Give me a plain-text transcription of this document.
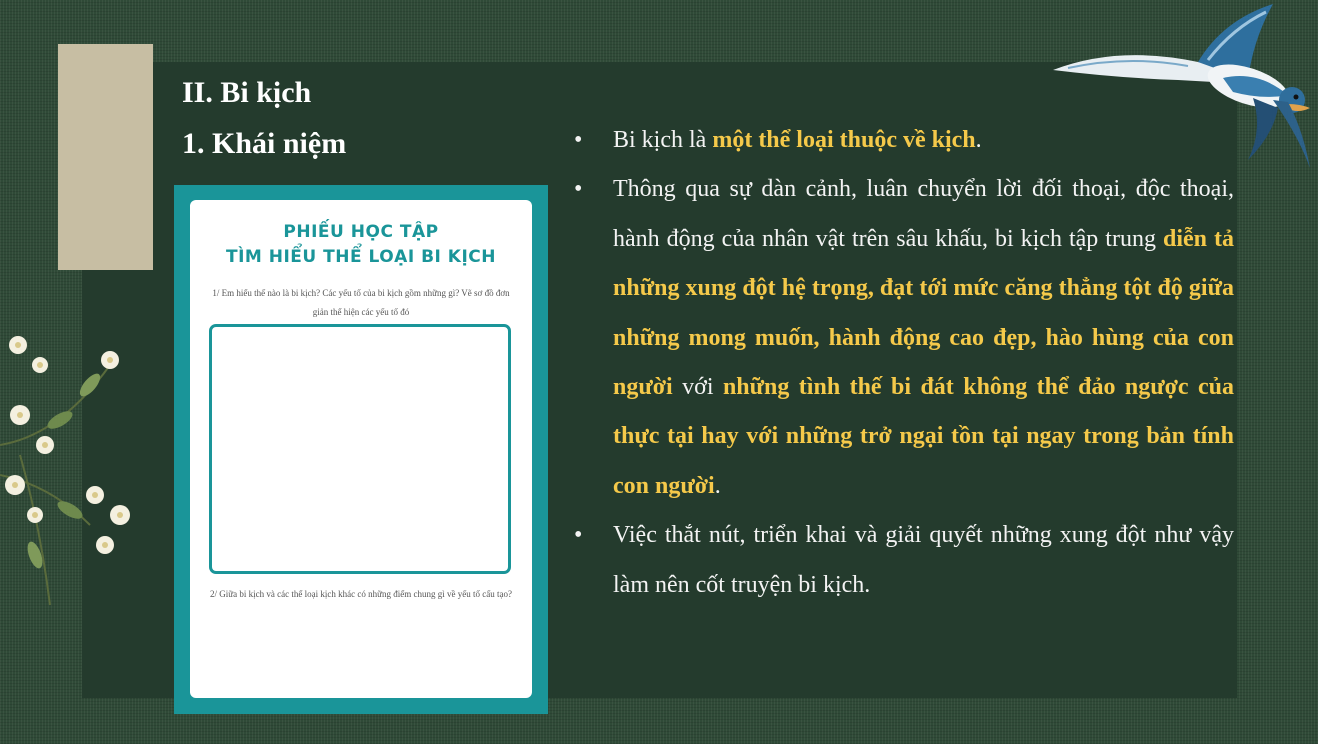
II. Bi kịch
1. Khái niệm

PHIẾU HỌC TẬP

TÌM HIỂU THỂ LOẠI BI KỊCH

1/ Em hiểu thế nào là bi kịch? Các yếu tố của bi kịch gồm những gì? Vẽ sơ đồ đơn giản thể hiện các yếu tố đó

2/ Giữa bi kịch và các thể loại kịch khác có những điểm chung gì về yếu tố cấu tạo?

• Bi kịch là một thể loại thuộc về kịch.
• Thông qua sự dàn cảnh, luân chuyển lời đối thoại, độc thoại, hành động của nhân vật trên sâu khấu, bi kịch tập trung diễn tả những xung đột hệ trọng, đạt tới mức căng thẳng tột độ giữa những mong muốn, hành động cao đẹp, hào hùng của con người với những tình thế bi đát không thể đảo ngược của thực tại hay với những trở ngại tồn tại ngay trong bản tính con người.
• Việc thắt nút, triển khai và giải quyết những xung đột như vậy làm nên cốt truyện bi kịch.
